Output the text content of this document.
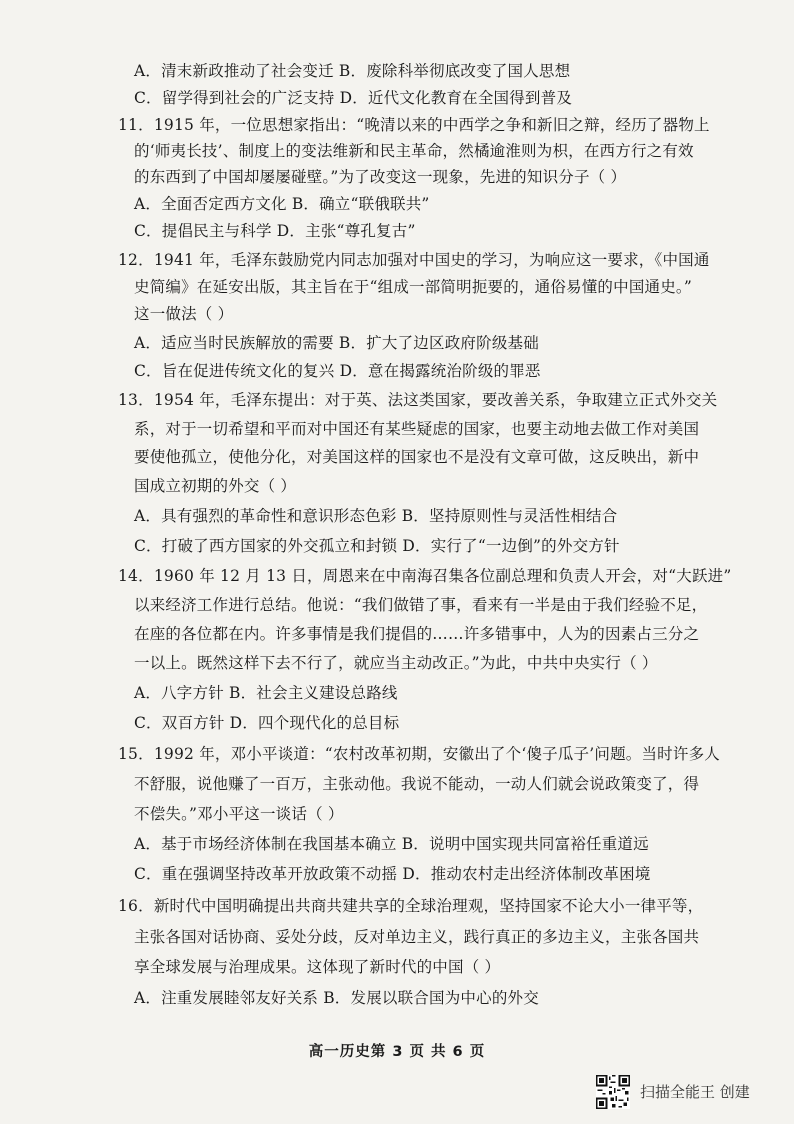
A．清末新政推动了社会变迁 B．废除科举彻底改变了国人思想
C．留学得到社会的广泛支持 D．近代文化教育在全国得到普及
11．1915 年，一位思想家指出：“晚清以来的中西学之争和新旧之辩，经历了器物上
的‘师夷长技’、制度上的变法维新和民主革命，然橘逾淮则为枳，在西方行之有效
的东西到了中国却屡屡碰壁。”为了改变这一现象，先进的知识分子（ ）
A．全面否定西方文化 B．确立“联俄联共”
C．提倡民主与科学 D．主张“尊孔复古”
12．1941 年，毛泽东鼓励党内同志加强对中国史的学习，为响应这一要求，《中国通
史简编》在延安出版，其主旨在于“组成一部简明扼要的，通俗易懂的中国通史。”
这一做法（ ）
A．适应当时民族解放的需要 B．扩大了边区政府阶级基础
C．旨在促进传统文化的复兴 D．意在揭露统治阶级的罪恶
13．1954 年，毛泽东提出：对于英、法这类国家，要改善关系，争取建立正式外交关
系，对于一切希望和平而对中国还有某些疑虑的国家，也要主动地去做工作对美国
要使他孤立，使他分化，对美国这样的国家也不是没有文章可做，这反映出，新中
国成立初期的外交（ ）
A．具有强烈的革命性和意识形态色彩 B．坚持原则性与灵活性相结合
C．打破了西方国家的外交孤立和封锁 D．实行了“一边倒”的外交方针
14．1960 年 12 月 13 日，周恩来在中南海召集各位副总理和负责人开会，对“大跃进”
以来经济工作进行总结。他说：“我们做错了事，看来有一半是由于我们经验不足，
在座的各位都在内。许多事情是我们提倡的……许多错事中，人为的因素占三分之
一以上。既然这样下去不行了，就应当主动改正。”为此，中共中央实行（ ）
A．八字方针 B．社会主义建设总路线
C．双百方针 D．四个现代化的总目标
15．1992 年，邓小平谈道：“农村改革初期，安徽出了个‘傻子瓜子’问题。当时许多人
不舒服，说他赚了一百万，主张动他。我说不能动，一动人们就会说政策变了，得
不偿失。”邓小平这一谈话（ ）
A．基于市场经济体制在我国基本确立 B．说明中国实现共同富裕任重道远
C．重在强调坚持改革开放政策不动摇 D．推动农村走出经济体制改革困境
16．新时代中国明确提出共商共建共享的全球治理观，坚持国家不论大小一律平等，
主张各国对话协商、妥处分歧，反对单边主义，践行真正的多边主义，主张各国共
享全球发展与治理成果。这体现了新时代的中国（ ）
A．注重发展睦邻友好关系 B．发展以联合国为中心的外交
高一历史第 3 页 共 6 页
扫描全能王 创建
